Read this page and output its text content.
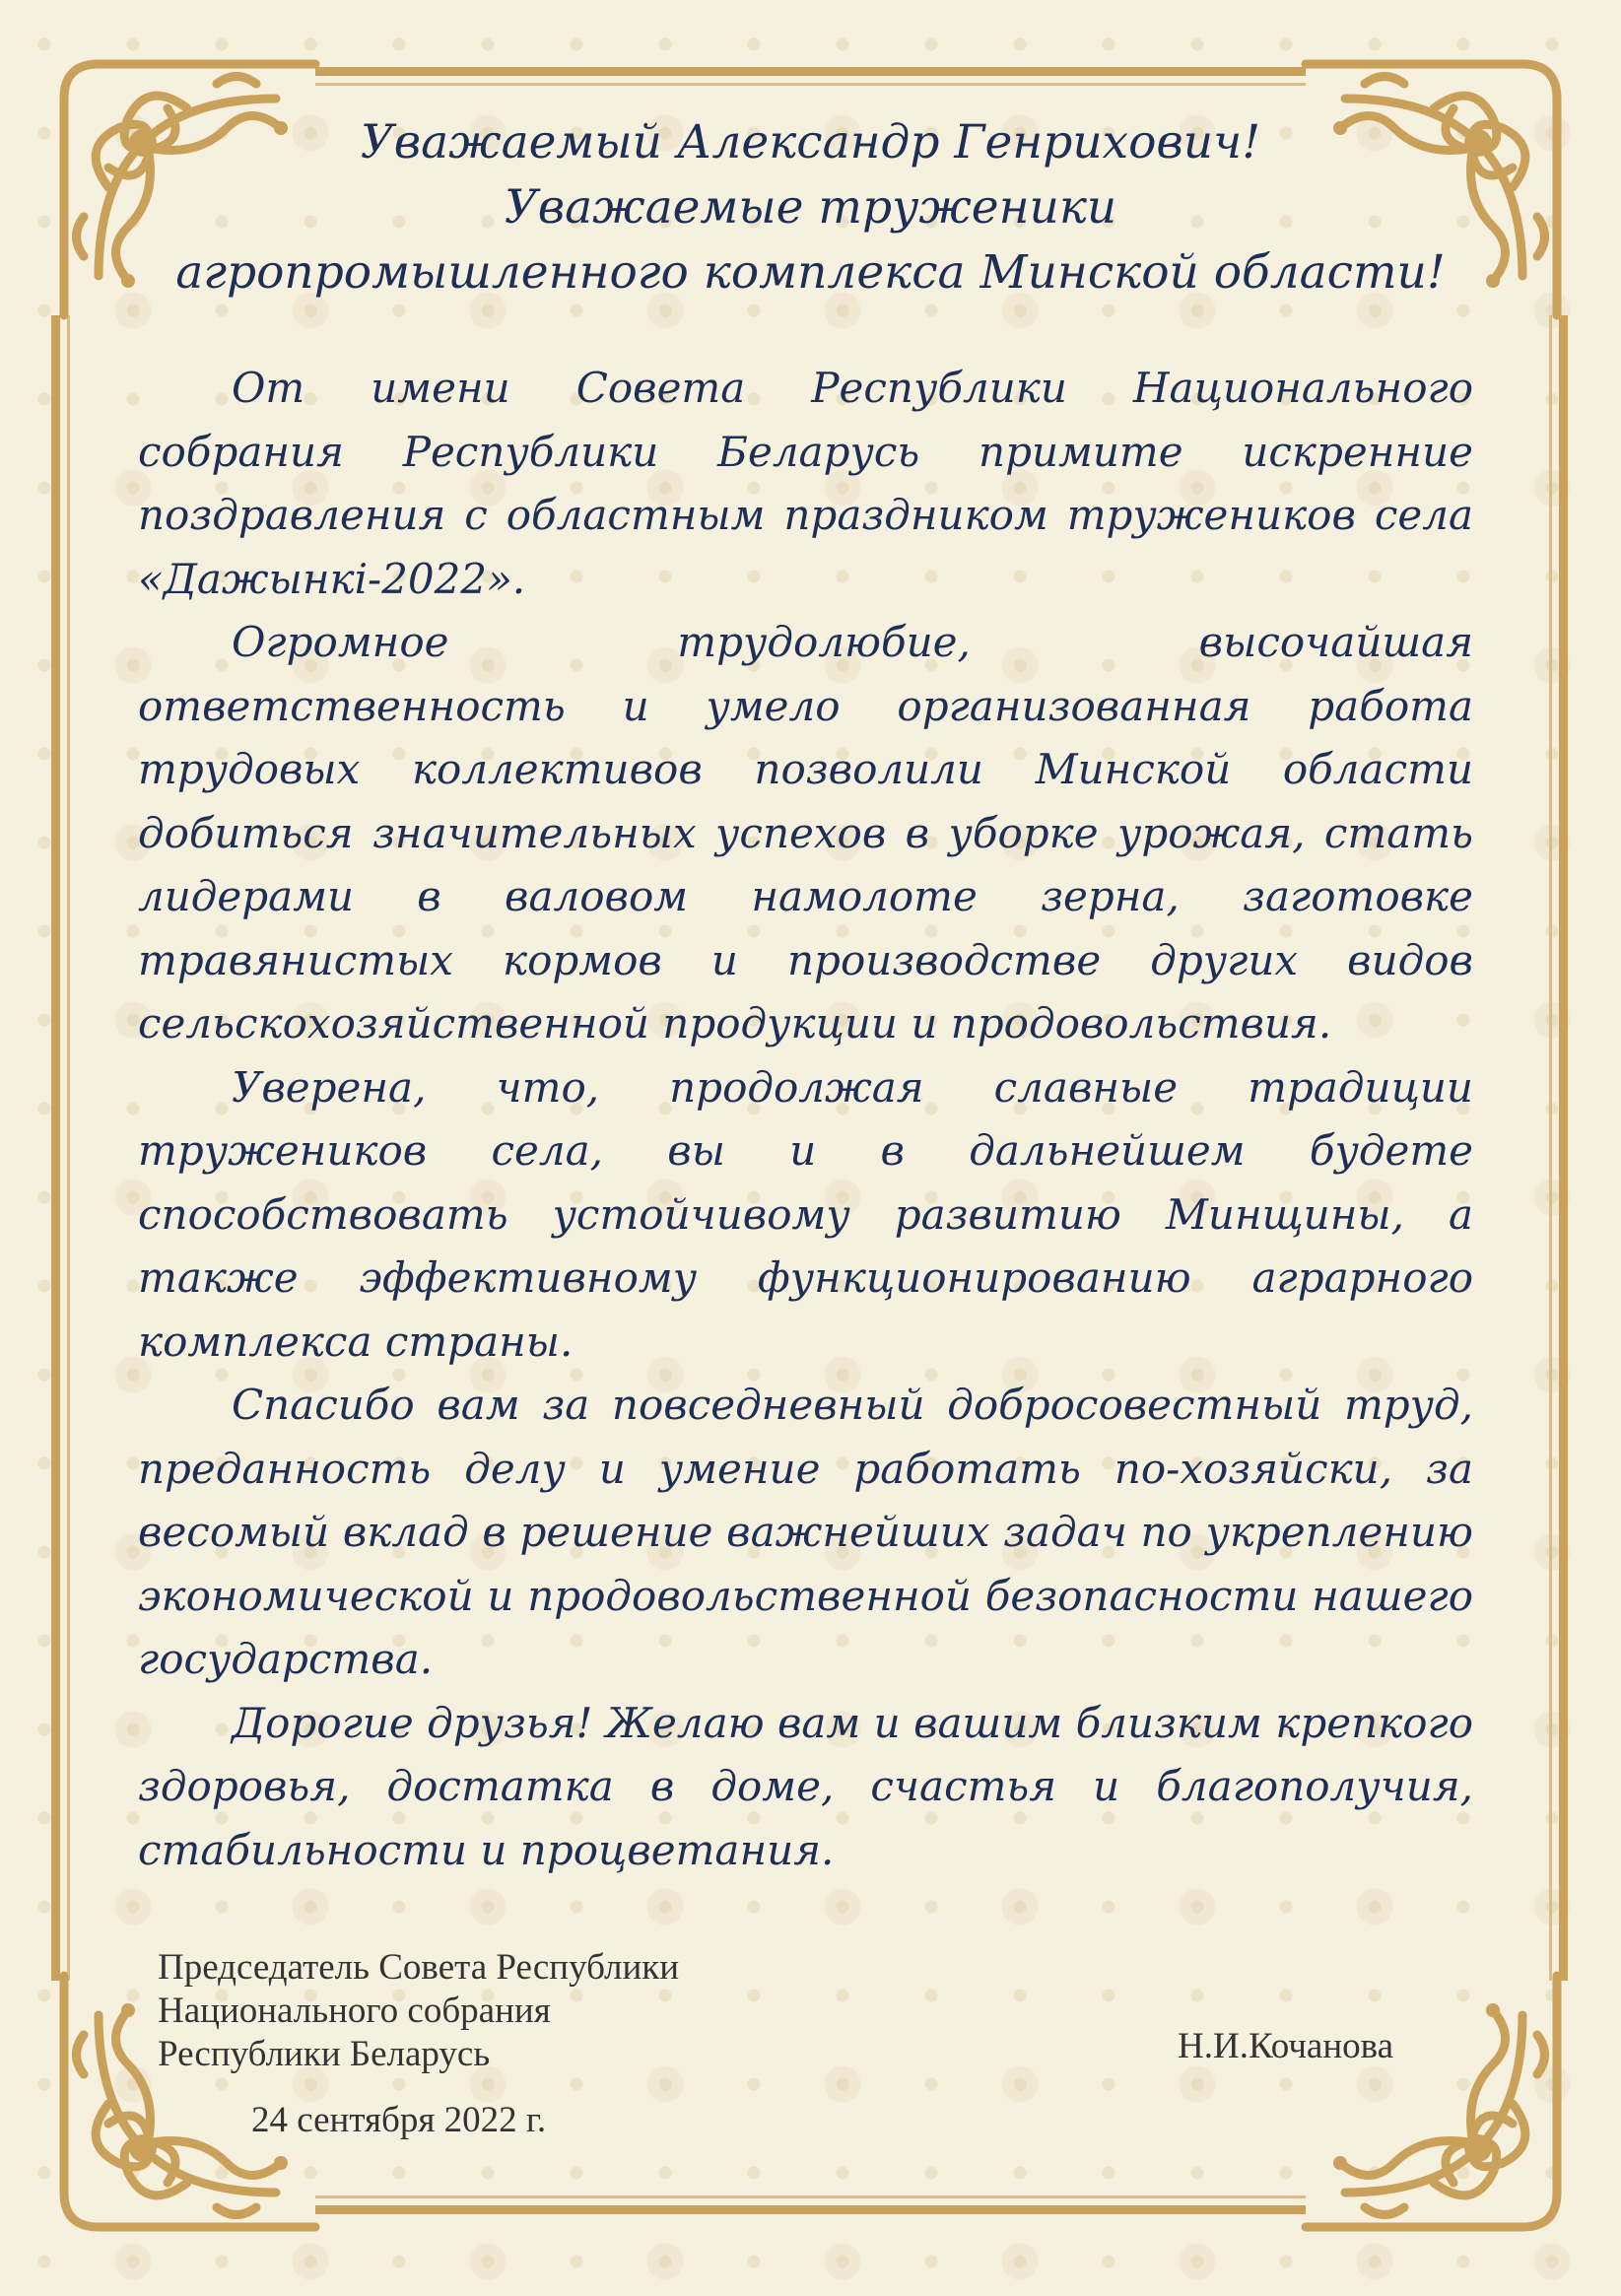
Уважаемый Александр Генрихович!
Уважаемые труженики
агропромышленного комплекса Минской области!

От имени Совета Республики Национального собрания Республики Беларусь примите искренние поздравления с областным праздником тружеников села «Дажынкі-2022».

Огромное трудолюбие, высочайшая ответственность и умело организованная работа трудовых коллективов позволили Минской области добиться значительных успехов в уборке урожая, стать лидерами в валовом намолоте зерна, заготовке травянистых кормов и производстве других видов сельскохозяйственной продукции и продовольствия.

Уверена, что, продолжая славные традиции тружеников села, вы и в дальнейшем будете способствовать устойчивому развитию Минщины, а также эффективному функционированию аграрного комплекса страны.

Спасибо вам за повседневный добросовестный труд, преданность делу и умение работать по-хозяйски, за весомый вклад в решение важнейших задач по укреплению экономической и продовольственной безопасности нашего государства.

Дорогие друзья! Желаю вам и вашим близким крепкого здоровья, достатка в доме, счастья и благополучия, стабильности и процветания.

Председатель Совета Республики
Национального собрания
Республики Беларусь	Н.И.Кочанова
24 сентября 2022 г.
